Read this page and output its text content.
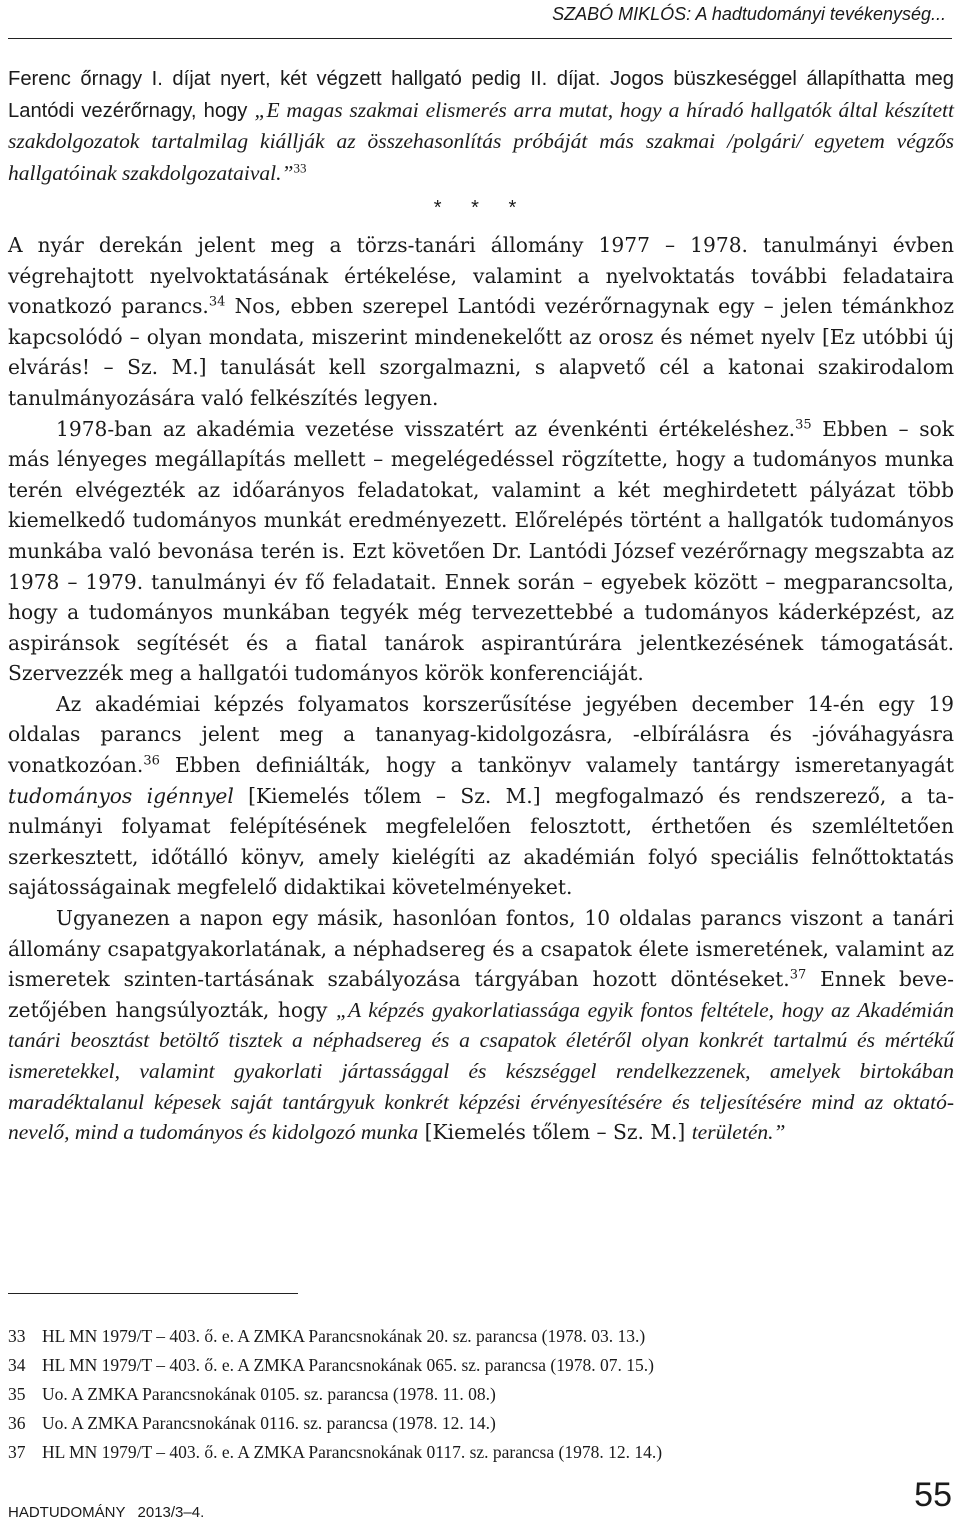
SZABÓ MIKLÓS: A hadtudományi tevékenység...

Ferenc őrnagy I. díjat nyert, két végzett hallgató pedig II. díjat. Jogos büszkeséggel állapíthatta meg Lantódi vezérőrnagy, hogy „E magas szakmai elismerés arra mutat, hogy a híradó hallgatók által készített szakdolgozatok tartalmilag kiállják az összehasonlítás próbáját más szakmai /polgári/ egyetem végzős hallgatóinak szakdolgozataival.”$^{33}$

* * *

A nyár derekán jelent meg a törzs-tanári állomány 1977 – 1978. tanulmányi évben végrehajtott nyelvoktatásának értékelése, valamint a nyelvoktatás további feladataira vonatkozó parancs.$^{34}$ Nos, ebben szerepel Lantódi vezérőrnagynak egy – jelen témánkhoz kapcsolódó – olyan mondata, miszerint mindenekelőtt az orosz és német nyelv [Ez utóbbi új elvárás! – Sz. M.] tanulását kell szorgalmazni, s alapvető cél a katonai szakirodalom tanulmányozására való felkészítés legyen.

1978-ban az akadémia vezetése visszatért az évenkénti értékeléshez.$^{35}$ Ebben – sok más lényeges megállapítás mellett – megelégedéssel rögzítette, hogy a tudományos munka terén elvégezték az időarányos feladatokat, valamint a két meghirdetett pályázat több kiemelkedő tudományos munkát eredményezett. Előrelépés történt a hallgatók tudományos munkába való bevonása terén is. Ezt követően Dr. Lantódi József vezérőrnagy megszabta az 1978 – 1979. tanulmányi év fő feladatait. Ennek során – egyebek között – megparancsolta, hogy a tudományos munkában tegyék még tervezettebbé a tudományos káderképzést, az aspiránsok segítését és a fiatal tanárok aspirantúrára jelentkezésének támogatását. Szervezzék meg a hallgatói tudományos körök konferenciáját.

Az akadémiai képzés folyamatos korszerűsítése jegyében december 14-én egy 19 oldalas parancs jelent meg a tananyag-kidolgozásra, -elbírálásra és -jóváhagyásra vonatkozóan.$^{36}$ Ebben definiálták, hogy a tankönyv valamely tantárgy ismeretanyagát tudományos igénnyel [Kiemelés tőlem – Sz. M.] megfogalmazó és rendszerező, a tanulmányi folyamat felépítésének megfelelően felosztott, érthetően és szemléltetően szerkesztett, időtálló könyv, amely kielégíti az akadémián folyó speciális felnőttoktatás sajátosságainak megfelelő didaktikai követelményeket.

Ugyanezen a napon egy másik, hasonlóan fontos, 10 oldalas parancs viszont a tanári állomány csapatgyakorlatának, a néphadsereg és a csapatok élete ismeretének, valamint az ismeretek szinten-tartásának szabályozása tárgyában hozott döntéseket.$^{37}$ Ennek bevezetőjében hangsúlyozták, hogy „A képzés gyakorlatiassága egyik fontos feltétele, hogy az Akadémián tanári beosztást betöltő tisztek a néphadsereg és a csapatok életéről olyan konkrét tartalmú és mértékű ismeretekkel, valamint gyakorlati jártassággal és készséggel rendelkezzenek, amelyek birtokában maradéktalanul képesek saját tantárgyuk konkrét képzési érvényesítésére és teljesítésére mind az oktató-nevelő, mind a tudományos és kidolgozó munka [Kiemelés tőlem – Sz. M.] területén.”

33 HL MN 1979/T – 403. ő. e. A ZMKA Parancsnokának 20. sz. parancsa (1978. 03. 13.)
34 HL MN 1979/T – 403. ő. e. A ZMKA Parancsnokának 065. sz. parancsa (1978. 07. 15.)
35 Uo. A ZMKA Parancsnokának 0105. sz. parancsa (1978. 11. 08.)
36 Uo. A ZMKA Parancsnokának 0116. sz. parancsa (1978. 12. 14.)
37 HL MN 1979/T – 403. ő. e. A ZMKA Parancsnokának 0117. sz. parancsa (1978. 12. 14.)
HADTUDOMÁNY 2013/3–4.	55
